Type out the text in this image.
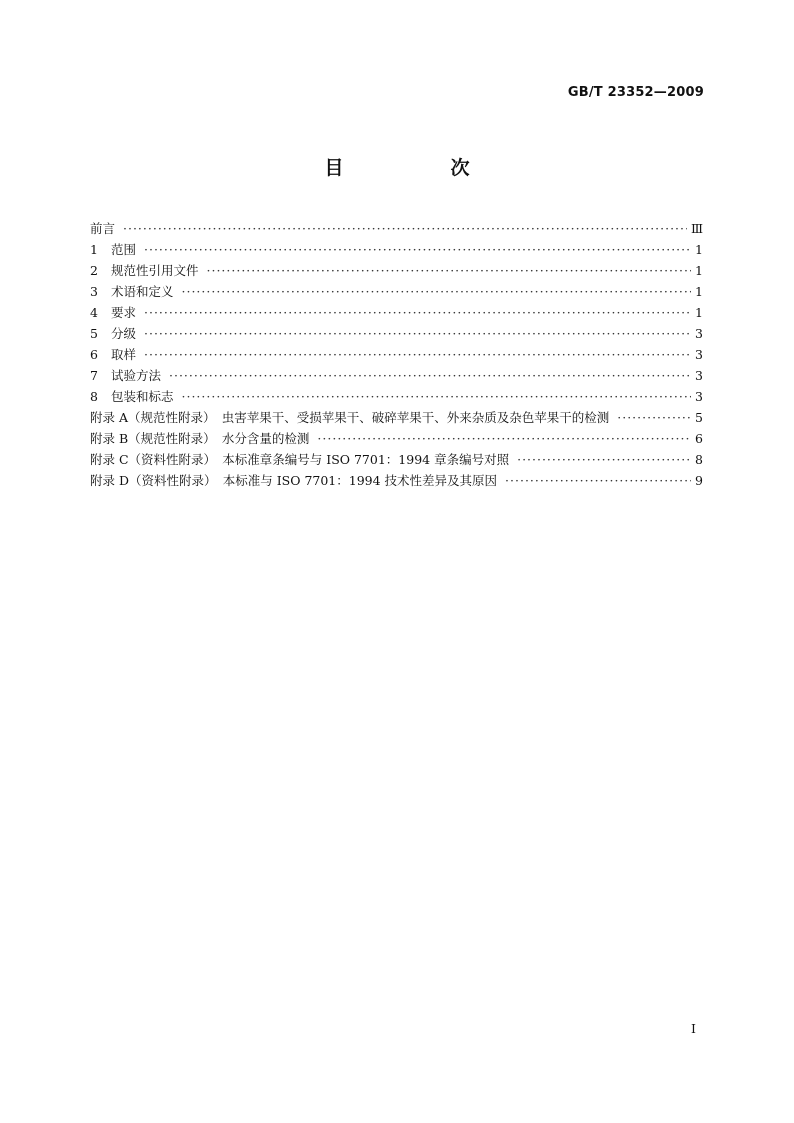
GB/T 23352—2009
目　次
前言 ·····	Ⅲ
1	范围 ·····	1
2	规范性引用文件 ·····	1
3	术语和定义 ·····	1
4	要求 ·····	1
5	分级 ·····	3
6	取样 ·····	3
7	试验方法 ·····	3
8	包装和标志 ·····	3
附录 A（规范性附录）　虫害苹果干、受损苹果干、破碎苹果干、外来杂质及杂色苹果干的检测 ·····	5
附录 B（规范性附录）　水分含量的检测 ·····	6
附录 C（资料性附录）　本标准章条编号与 ISO 7701：1994 章条编号对照 ·····	8
附录 D（资料性附录）　本标准与 ISO 7701：1994 技术性差异及其原因 ·····	9
Ⅰ
